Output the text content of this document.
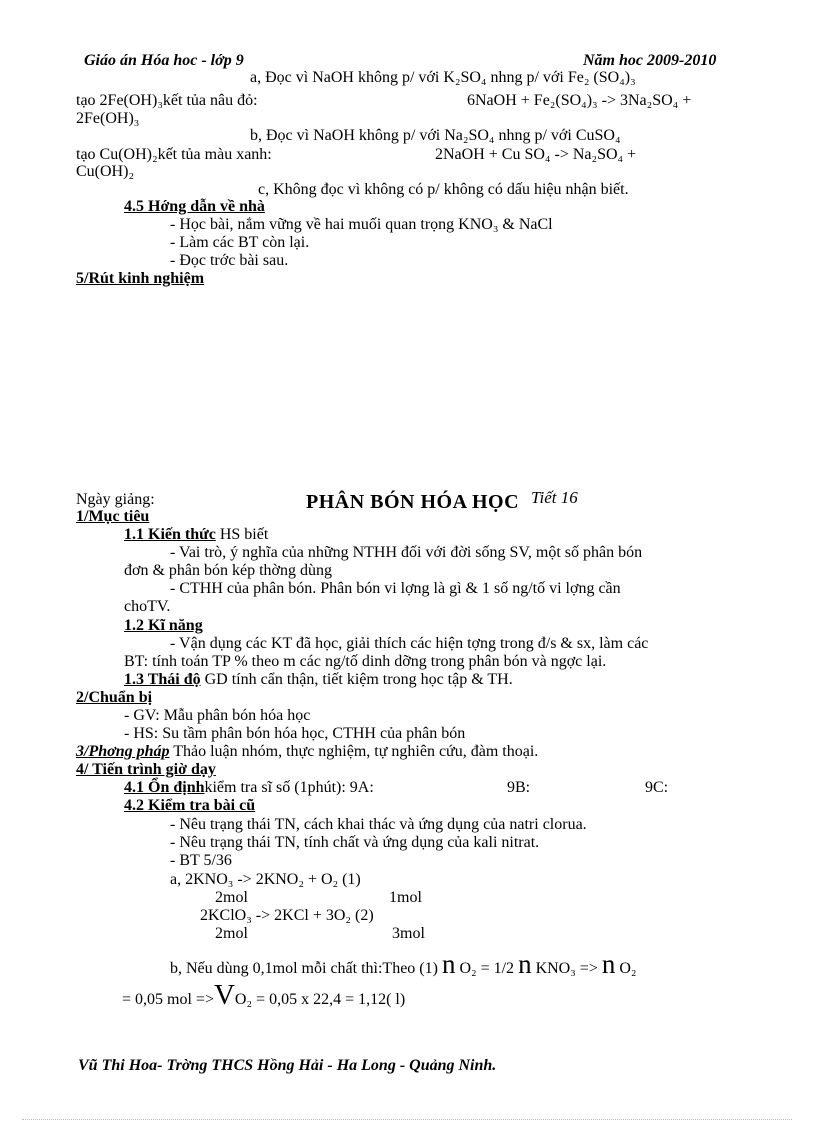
Giáo án Hóa hoc - lớp 9	Năm hoc 2009-2010
a, Đọc vì NaOH không p/ với K₂SO₄ nhng p/ với Fe₂ (SO₄)₃
tạo 2Fe(OH)₃kết tủa nâu đỏ:	6NaOH + Fe₂(SO₄)₃ -> 3Na₂SO₄ +
2Fe(OH)₃
b, Đọc vì NaOH không p/ với Na₂SO₄ nhng p/ với CuSO₄
tạo Cu(OH)₂kết tủa màu xanh:	2NaOH + Cu SO₄ -> Na₂SO₄ +
Cu(OH)₂
c, Không đọc vì không có p/ không có dấu hiệu nhận biết.
4.5 Hớng dẫn về nhà
- Học bài, nắm vững về hai muối quan trọng KNO₃ & NaCl
- Làm các BT còn lại.
- Đọc trớc bài sau.
5/Rút kinh nghiệm
Ngày giảng:	PHÂN BÓN HÓA HỌC Tiết 16
1/Mục tiêu
1.1 Kiến thức HS biết
- Vai trò, ý nghĩa của những NTHH đối với đời sống SV, một số phân bón
đơn & phân bón kép thờng dùng
- CTHH của phân bón. Phân bón vi lợng là gì & 1 số ng/tố vi lợng cần
choTV.
1.2 Kĩ năng
- Vận dụng các KT đã học, giải thích các hiện tợng trong đ/s & sx, làm các
BT: tính toán TP % theo m các ng/tố dinh dỡng trong phân bón và ngợc lại.
1.3 Thái độ GD tính cẩn thận, tiết kiệm trong học tập & TH.
2/Chuẩn bị
- GV: Mẫu phân bón hóa học
- HS: Su tầm phân bón hóa học, CTHH của phân bón
3/Phơng pháp Thảo luận nhóm, thực nghiệm, tự nghiên cứu, đàm thoại.
4/ Tiến trình giờ dạy
4.1 Ổn địnhkiểm tra sĩ số (1phút): 9A:	9B:	9C:
4.2 Kiểm tra bài cũ
- Nêu trạng thái TN, cách khai thác và ứng dụng của natri clorua.
- Nêu trạng thái TN, tính chất và ứng dụng của kali nitrat.
- BT 5/36
a, 2KNO₃ -> 2KNO₂ + O₂ (1)
2mol	1mol
2KClO₃ -> 2KCl + 3O₂ (2)
2mol	3mol
b, Nếu dùng 0,1mol mỗi chất thì:Theo (1) n O₂ = 1/2 n KNO₃ => n O₂
= 0,05 mol =>VO₂ = 0,05 x 22,4 = 1,12( l)
Vũ Thi Hoa- Trờng THCS Hồng Hải - Ha Long - Quảng Ninh.
